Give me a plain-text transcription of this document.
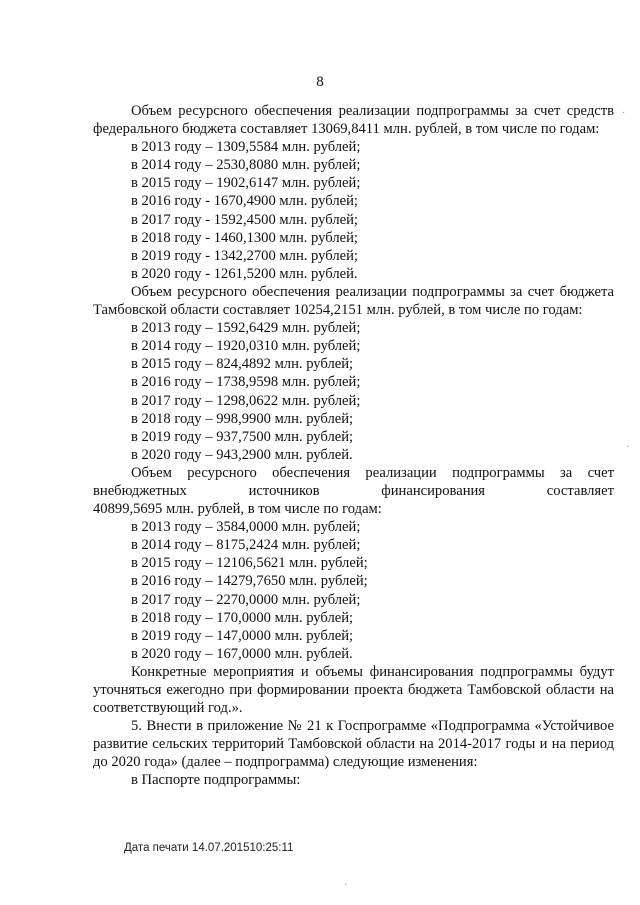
8

Объем ресурсного обеспечения реализации подпрограммы за счет средств федерального бюджета составляет 13069,8411 млн. рублей, в том числе по годам:

в 2013 году – 1309,5584 млн. рублей;
в 2014 году – 2530,8080 млн. рублей;
в 2015 году – 1902,6147 млн. рублей;
в 2016 году - 1670,4900 млн. рублей;
в 2017 году - 1592,4500 млн. рублей;
в 2018 году - 1460,1300 млн. рублей;
в 2019 году - 1342,2700 млн. рублей;
в 2020 году - 1261,5200 млн. рублей.

Объем ресурсного обеспечения реализации подпрограммы за счет бюджета Тамбовской области составляет 10254,2151 млн. рублей, в том числе по годам:

в 2013 году – 1592,6429 млн. рублей;
в 2014 году – 1920,0310 млн. рублей;
в 2015 году – 824,4892 млн. рублей;
в 2016 году – 1738,9598 млн. рублей;
в 2017 году – 1298,0622 млн. рублей;
в 2018 году – 998,9900 млн. рублей;
в 2019 году – 937,7500 млн. рублей;
в 2020 году – 943,2900 млн. рублей.

Объем ресурсного обеспечения реализации подпрограммы за счет

внебюджетных источников финансирования составляет

40899,5695 млн. рублей, в том числе по годам:

в 2013 году – 3584,0000 млн. рублей;
в 2014 году – 8175,2424 млн. рублей;
в 2015 году – 12106,5621 млн. рублей;
в 2016 году – 14279,7650 млн. рублей;
в 2017 году – 2270,0000 млн. рублей;
в 2018 году – 170,0000 млн. рублей;
в 2019 году – 147,0000 млн. рублей;
в 2020 году – 167,0000 млн. рублей.

Конкретные мероприятия и объемы финансирования подпрограммы будут уточняться ежегодно при формировании проекта бюджета Тамбовской области на соответствующий год.».

5. Внести в приложение № 21 к Госпрограмме «Подпрограмма «Устойчивое развитие сельских территорий Тамбовской области на 2014-2017 годы и на период до 2020 года» (далее – подпрограмма) следующие изменения:

в Паспорте подпрограммы:

Дата печати 14.07.201510:25:11
·
·
·
